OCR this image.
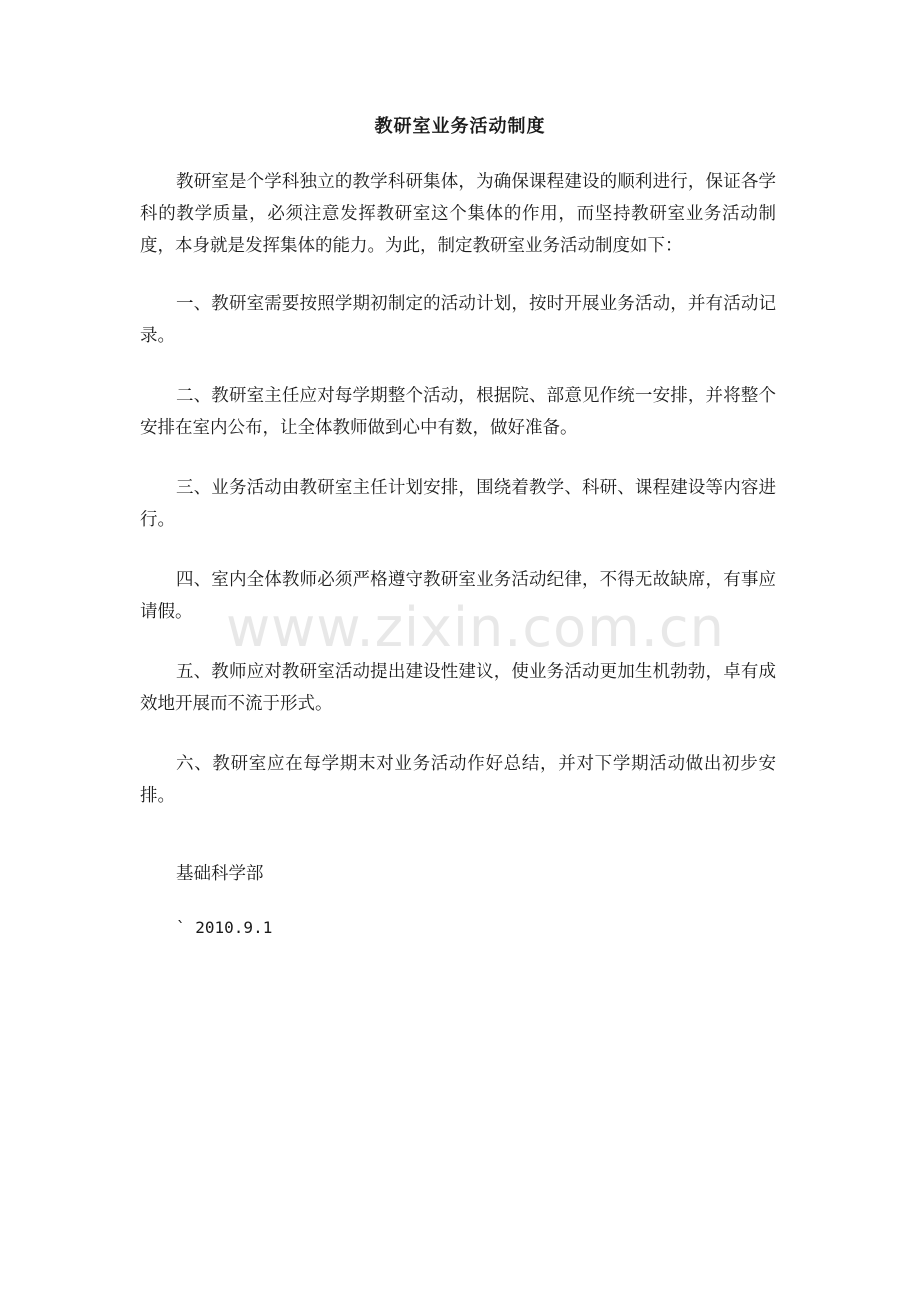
教研室业务活动制度

教研室是个学科独立的教学科研集体，为确保课程建设的顺利进行，保证各学科的教学质量，必须注意发挥教研室这个集体的作用，而坚持教研室业务活动制度，本身就是发挥集体的能力。为此，制定教研室业务活动制度如下：

一、教研室需要按照学期初制定的活动计划，按时开展业务活动，并有活动记录。

二、教研室主任应对每学期整个活动，根据院、部意见作统一安排，并将整个安排在室内公布，让全体教师做到心中有数，做好准备。

三、业务活动由教研室主任计划安排，围绕着教学、科研、课程建设等内容进行。

四、室内全体教师必须严格遵守教研室业务活动纪律，不得无故缺席，有事应请假。

五、教师应对教研室活动提出建设性建议，使业务活动更加生机勃勃，卓有成效地开展而不流于形式。

六、教研室应在每学期末对业务活动作好总结，并对下学期活动做出初步安排。

基础科学部
` 2010.9.1
www.zixin.com.cn
